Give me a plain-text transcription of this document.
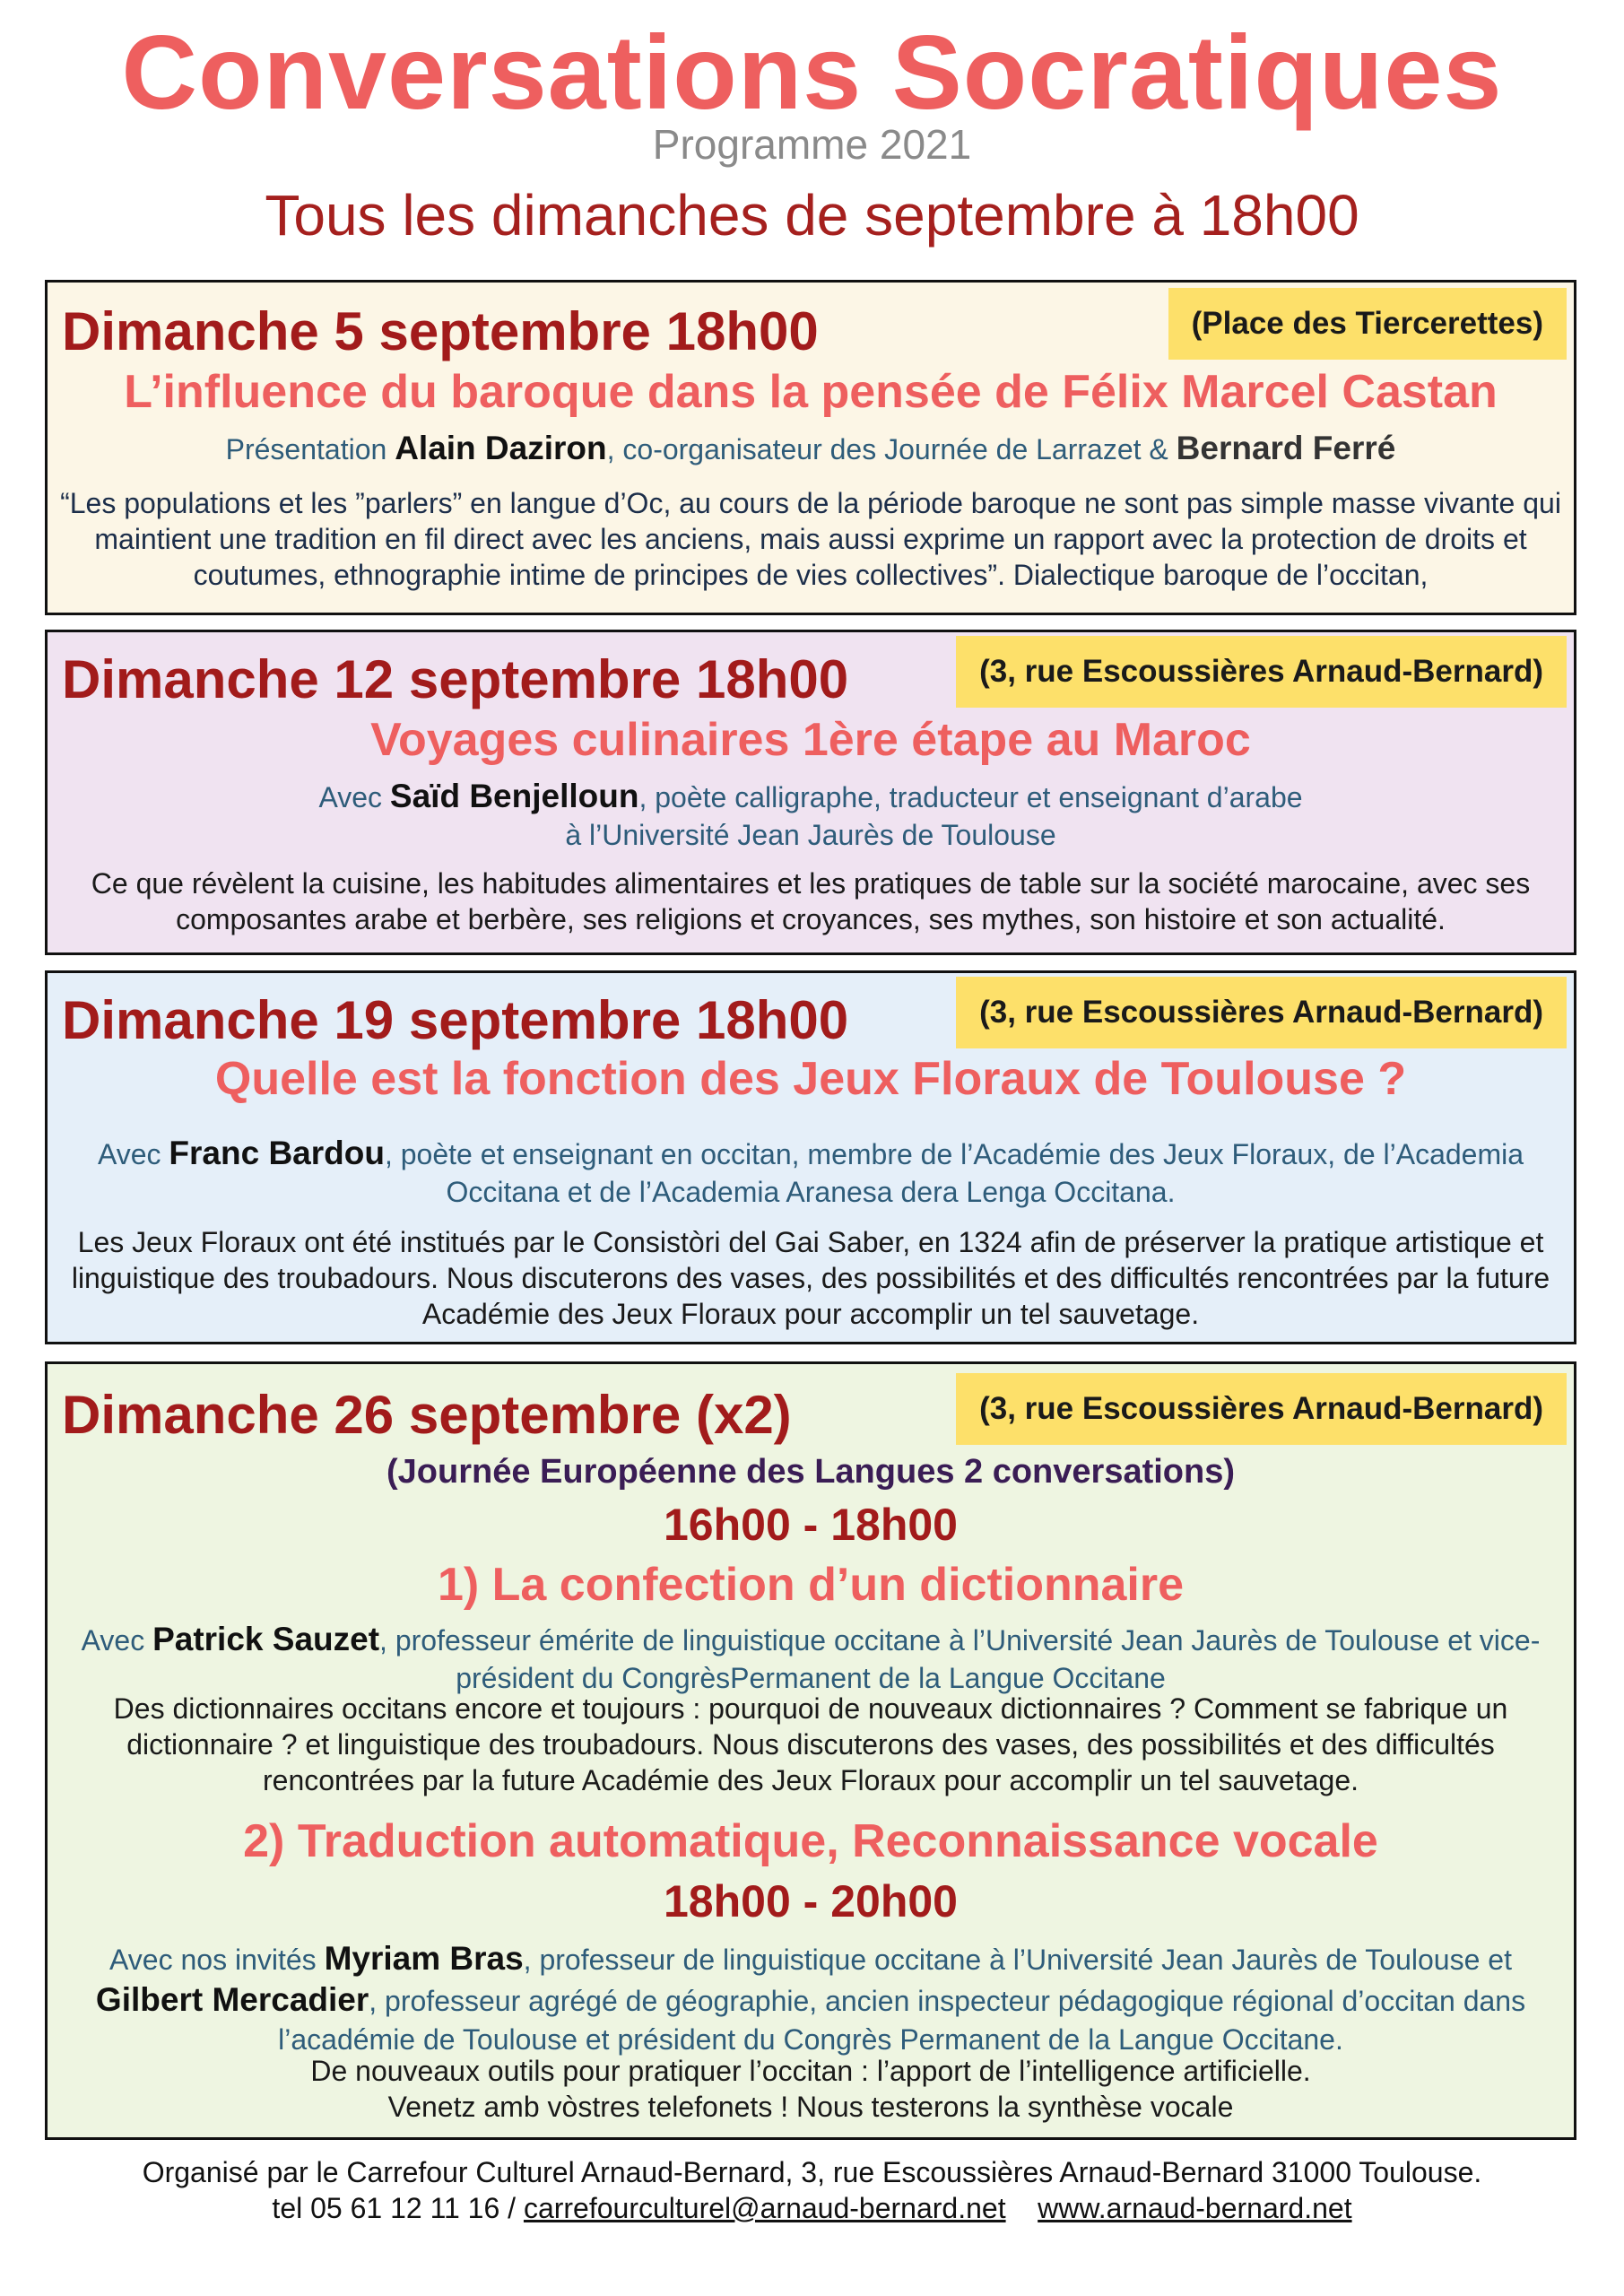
Conversations Socratiques
Programme 2021
Tous les dimanches de septembre à 18h00
(Place des Tiercerettes)
Dimanche 5 septembre 18h00
L’influence du baroque dans la pensée de Félix Marcel Castan
Présentation Alain Daziron, co-organisateur des Journée de Larrazet & Bernard Ferré
“Les populations et les ”parlers” en langue d’Oc, au cours de la période baroque ne sont pas simple masse vivante qui maintient une tradition en fil direct avec les anciens, mais aussi exprime un rapport avec la protection de droits et coutumes, ethnographie intime de principes de vies collectives”. Dialectique baroque de l’occitan,
(3, rue Escoussières Arnaud-Bernard)
Dimanche 12 septembre 18h00
Voyages culinaires 1ère étape au Maroc
Avec Saïd Benjelloun, poète calligraphe, traducteur et enseignant d’arabe
à l’Université Jean Jaurès de Toulouse
Ce que révèlent la cuisine, les habitudes alimentaires et les pratiques de table sur la société marocaine, avec ses composantes arabe et berbère, ses religions et croyances, ses mythes, son histoire et son actualité.
(3, rue Escoussières Arnaud-Bernard)
Dimanche 19 septembre 18h00
Quelle est la fonction des Jeux Floraux de Toulouse ?
Avec Franc Bardou, poète et enseignant en occitan, membre de l’Académie des Jeux Floraux, de l’Academia Occitana et de l’Academia Aranesa dera Lenga Occitana.
Les Jeux Floraux ont été institués par le Consistòri del Gai Saber, en 1324 afin de préserver la pratique artistique et linguistique des troubadours. Nous discuterons des vases, des possibilités et des difficultés rencontrées par la future Académie des Jeux Floraux pour accomplir un tel sauvetage.
(3, rue Escoussières Arnaud-Bernard)
Dimanche 26 septembre (x2)
(Journée Européenne des Langues 2 conversations)
16h00 - 18h00
1) La confection d’un dictionnaire
Avec Patrick Sauzet, professeur émérite de linguistique occitane à l’Université Jean Jaurès de Toulouse et vice-président du CongrèsPermanent de la Langue Occitane
Des dictionnaires occitans encore et toujours : pourquoi de nouveaux dictionnaires ? Comment se fabrique un dictionnaire ? et linguistique des troubadours. Nous discuterons des vases, des possibilités et des difficultés rencontrées par la future Académie des Jeux Floraux pour accomplir un tel sauvetage.
2) Traduction automatique, Reconnaissance vocale
18h00 - 20h00
Avec nos invités Myriam Bras, professeur de linguistique occitane à l’Université Jean Jaurès de Toulouse et
Gilbert Mercadier, professeur agrégé de géographie, ancien inspecteur pédagogique régional d’occitan dans l’académie de Toulouse et président du Congrès Permanent de la Langue Occitane.
De nouveaux outils pour pratiquer l’occitan : l’apport de l’intelligence artificielle.
Venetz amb vòstres telefonets ! Nous testerons la synthèse vocale
Organisé par le Carrefour Culturel Arnaud-Bernard, 3, rue Escoussières Arnaud-Bernard 31000 Toulouse.
tel 05 61 12 11 16 / carrefourculturel@arnaud-bernard.net www.arnaud-bernard.net
